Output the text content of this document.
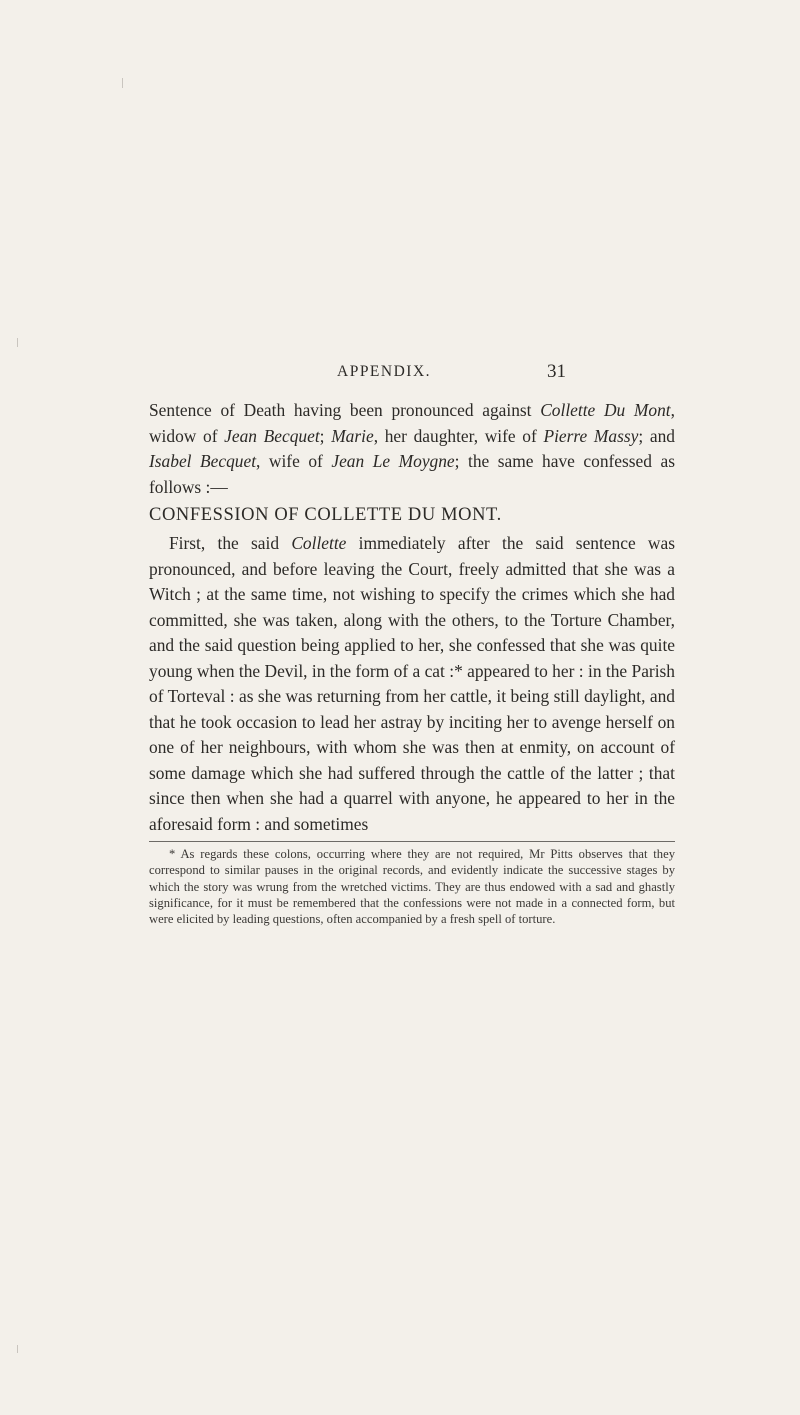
APPENDIX.	31

Sentence of Death having been pronounced against Collette Du Mont, widow of Jean Becquet; Marie, her daughter, wife of Pierre Massy; and Isabel Becquet, wife of Jean Le Moygne; the same have confessed as follows :—

CONFESSION OF COLLETTE DU MONT.

First, the said Collette immediately after the said sentence was pronounced, and before leaving the Court, freely admitted that she was a Witch ; at the same time, not wishing to specify the crimes which she had committed, she was taken, along with the others, to the Torture Chamber, and the said question being applied to her, she confessed that she was quite young when the Devil, in the form of a cat :* appeared to her : in the Parish of Torteval : as she was returning from her cattle, it being still daylight, and that he took occasion to lead her astray by inciting her to avenge herself on one of her neighbours, with whom she was then at enmity, on account of some damage which she had suffered through the cattle of the latter ; that since then when she had a quarrel with anyone, he appeared to her in the aforesaid form : and sometimes

* As regards these colons, occurring where they are not required, Mr Pitts observes that they correspond to similar pauses in the original records, and evidently indicate the successive stages by which the story was wrung from the wretched victims. They are thus endowed with a sad and ghastly significance, for it must be remembered that the confessions were not made in a connected form, but were elicited by leading questions, often accompanied by a fresh spell of torture.
